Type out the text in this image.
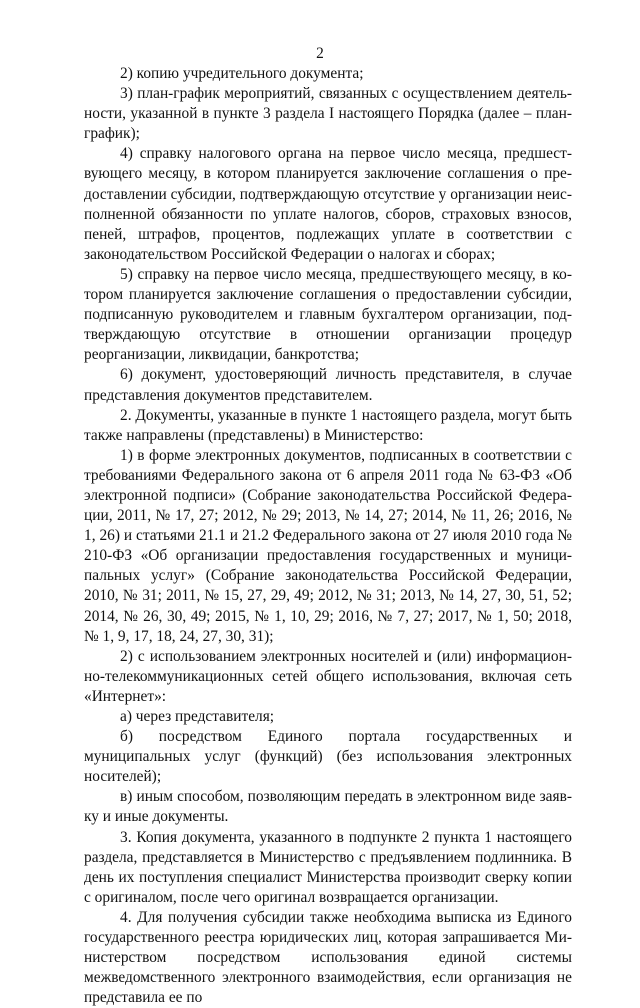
2

2) копию учредительного документа;

3) план-график мероприятий, связанных с осуществлением деятельности, указанной в пункте 3 раздела I настоящего Порядка (далее – план-график);

4) справку налогового органа на первое число месяца, предшествующего месяцу, в котором планируется заключение соглашения о предоставлении субсидии, подтверждающую отсутствие у организации неисполненной обязанности по уплате налогов, сборов, страховых взносов, пеней, штрафов, процентов, подлежащих уплате в соответствии с законодательством Российской Федерации о налогах и сборах;

5) справку на первое число месяца, предшествующего месяцу, в котором планируется заключение соглашения о предоставлении субсидии, подписанную руководителем и главным бухгалтером организации, подтверждающую отсутствие в отношении организации процедур реорганизации, ликвидации, банкротства;

6) документ, удостоверяющий личность представителя, в случае представления документов представителем.

2. Документы, указанные в пункте 1 настоящего раздела, могут быть также направлены (представлены) в Министерство:

1) в форме электронных документов, подписанных в соответствии с требованиями Федерального закона от 6 апреля 2011 года № 63-ФЗ «Об электронной подписи» (Собрание законодательства Российской Федерации, 2011, № 17, 27; 2012, № 29; 2013, № 14, 27; 2014, № 11, 26; 2016, № 1, 26) и статьями 21.1 и 21.2 Федерального закона от 27 июля 2010 года № 210-ФЗ «Об организации предоставления государственных и муниципальных услуг» (Собрание законодательства Российской Федерации, 2010, № 31; 2011, № 15, 27, 29, 49; 2012, № 31; 2013, № 14, 27, 30, 51, 52; 2014, № 26, 30, 49; 2015, № 1, 10, 29; 2016, № 7, 27; 2017, № 1, 50; 2018, № 1, 9, 17, 18, 24, 27, 30, 31);

2) с использованием электронных носителей и (или) информационно-телекоммуникационных сетей общего использования, включая сеть «Интернет»:

а) через представителя;

б) посредством Единого портала государственных и муниципальных услуг (функций) (без использования электронных носителей);

в) иным способом, позволяющим передать в электронном виде заявку и иные документы.

3. Копия документа, указанного в подпункте 2 пункта 1 настоящего раздела, представляется в Министерство с предъявлением подлинника. В день их поступления специалист Министерства производит сверку копии с оригиналом, после чего оригинал возвращается организации.

4. Для получения субсидии также необходима выписка из Единого государственного реестра юридических лиц, которая запрашивается Министерством посредством использования единой системы межведомственного электронного взаимодействия, если организация не представила ее по
